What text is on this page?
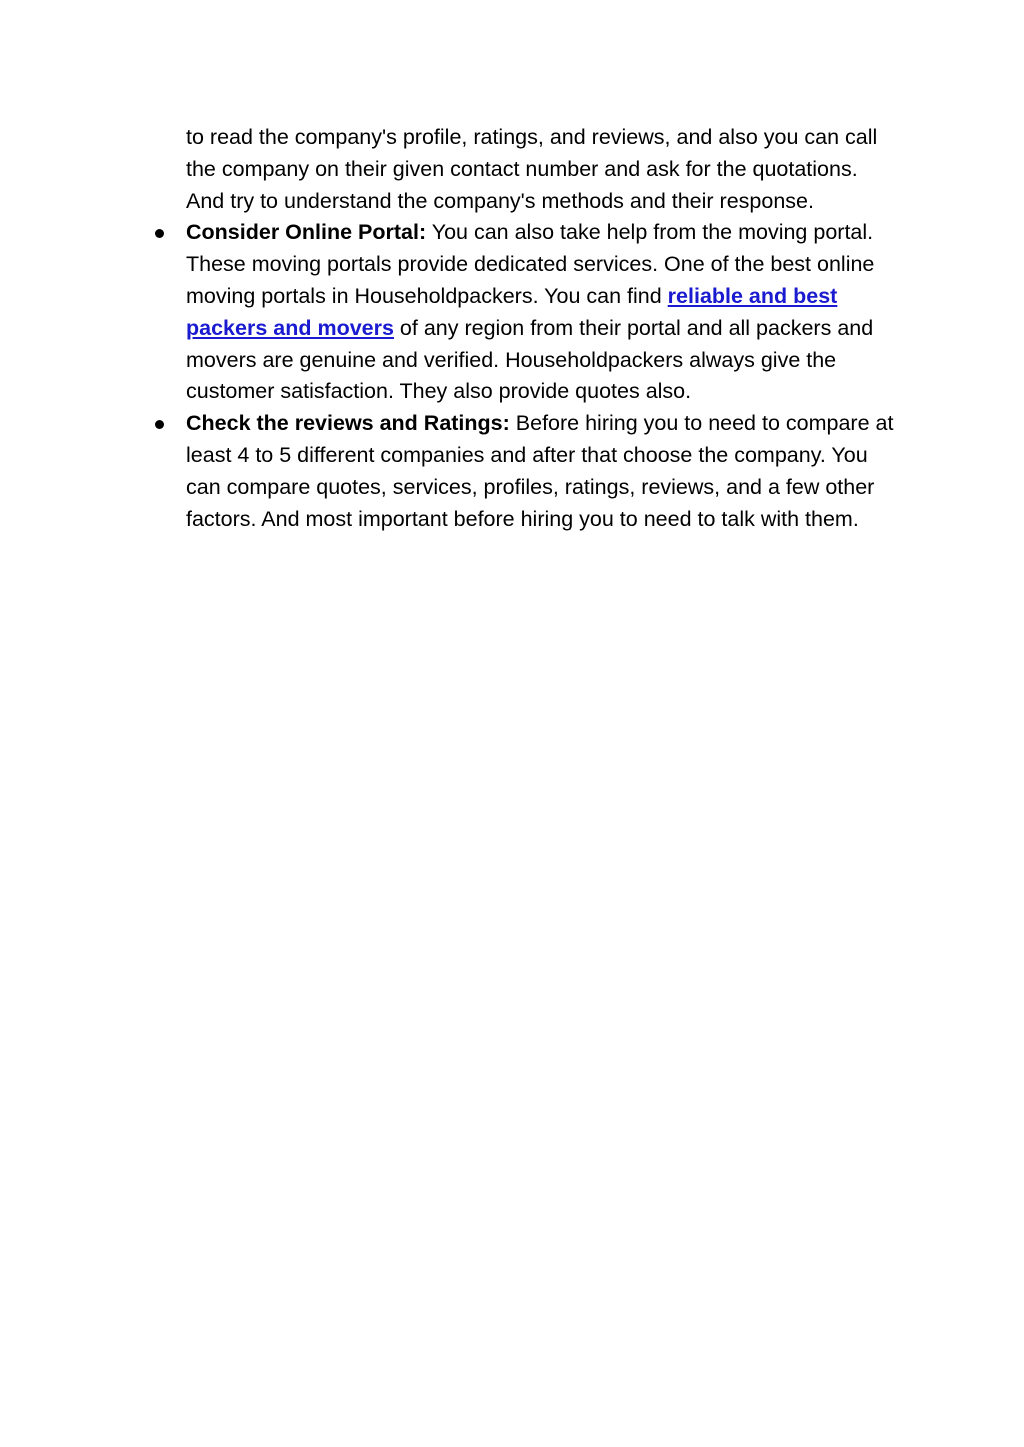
to read the company's profile, ratings, and reviews, and also you can call the company on their given contact number and ask for the quotations. And try to understand the company's methods and their response.

Consider Online Portal: You can also take help from the moving portal. These moving portals provide dedicated services. One of the best online moving portals in Householdpackers. You can find reliable and best packers and movers of any region from their portal and all packers and movers are genuine and verified. Householdpackers always give the customer satisfaction. They also provide quotes also.
Check the reviews and Ratings: Before hiring you to need to compare at least 4 to 5 different companies and after that choose the company. You can compare quotes, services, profiles, ratings, reviews, and a few other factors. And most important before hiring you to need to talk with them.
